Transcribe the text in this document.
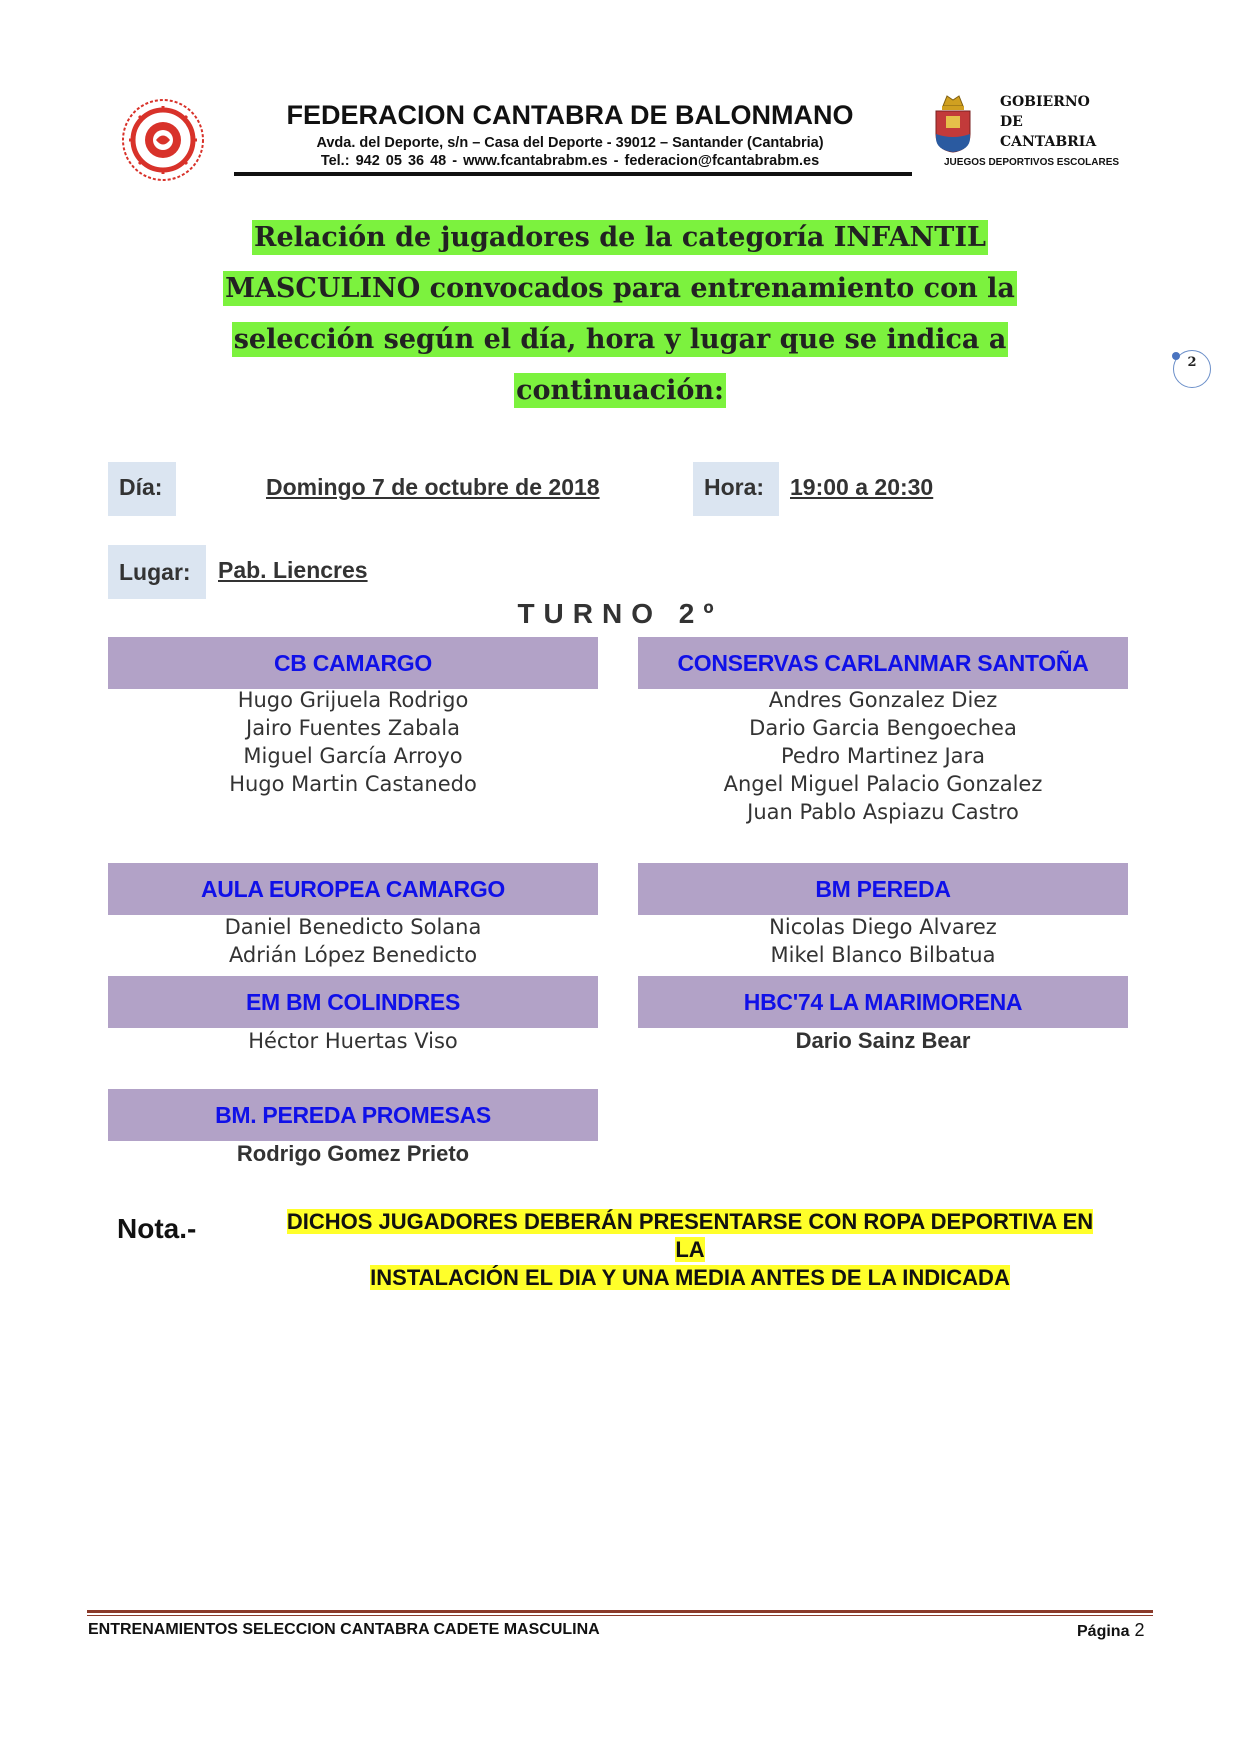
FEDERACION CANTABRA DE BALONMANO
Avda. del Deporte, s/n – Casa del Deporte - 39012 – Santander (Cantabria)
Tel.: 942 05 36 48 - www.fcantabrabm.es - federacion@fcantabrabm.es
GOBIERNO
DE
CANTABRIA
JUEGOS DEPORTIVOS ESCOLARES
Relación de jugadores de la categoría INFANTIL
MASCULINO convocados para entrenamiento con la
selección según el día, hora y lugar que se indica a
continuación:
2
Día:	Domingo 7 de octubre de 2018	Hora:	19:00 a 20:30
Lugar:	Pab. Liencres
TURNO 2º
CB CAMARGO
Hugo Grijuela Rodrigo
Jairo Fuentes Zabala
Miguel García Arroyo
Hugo Martin Castanedo
CONSERVAS CARLANMAR SANTOÑA
Andres Gonzalez Diez
Dario Garcia Bengoechea
Pedro Martinez Jara
Angel Miguel Palacio Gonzalez
Juan Pablo Aspiazu Castro
AULA EUROPEA CAMARGO
Daniel Benedicto Solana
Adrián López Benedicto
BM PEREDA
Nicolas Diego Alvarez
Mikel Blanco Bilbatua
EM BM COLINDRES
Héctor Huertas Viso
HBC'74 LA MARIMORENA
Dario Sainz Bear
BM. PEREDA PROMESAS
Rodrigo Gomez Prieto
Nota.-	DICHOS JUGADORES DEBERÁN PRESENTARSE CON ROPA DEPORTIVA EN LA
INSTALACIÓN EL DIA Y UNA MEDIA ANTES DE LA INDICADA
ENTRENAMIENTOS SELECCION CANTABRA CADETE MASCULINA	Página 2
